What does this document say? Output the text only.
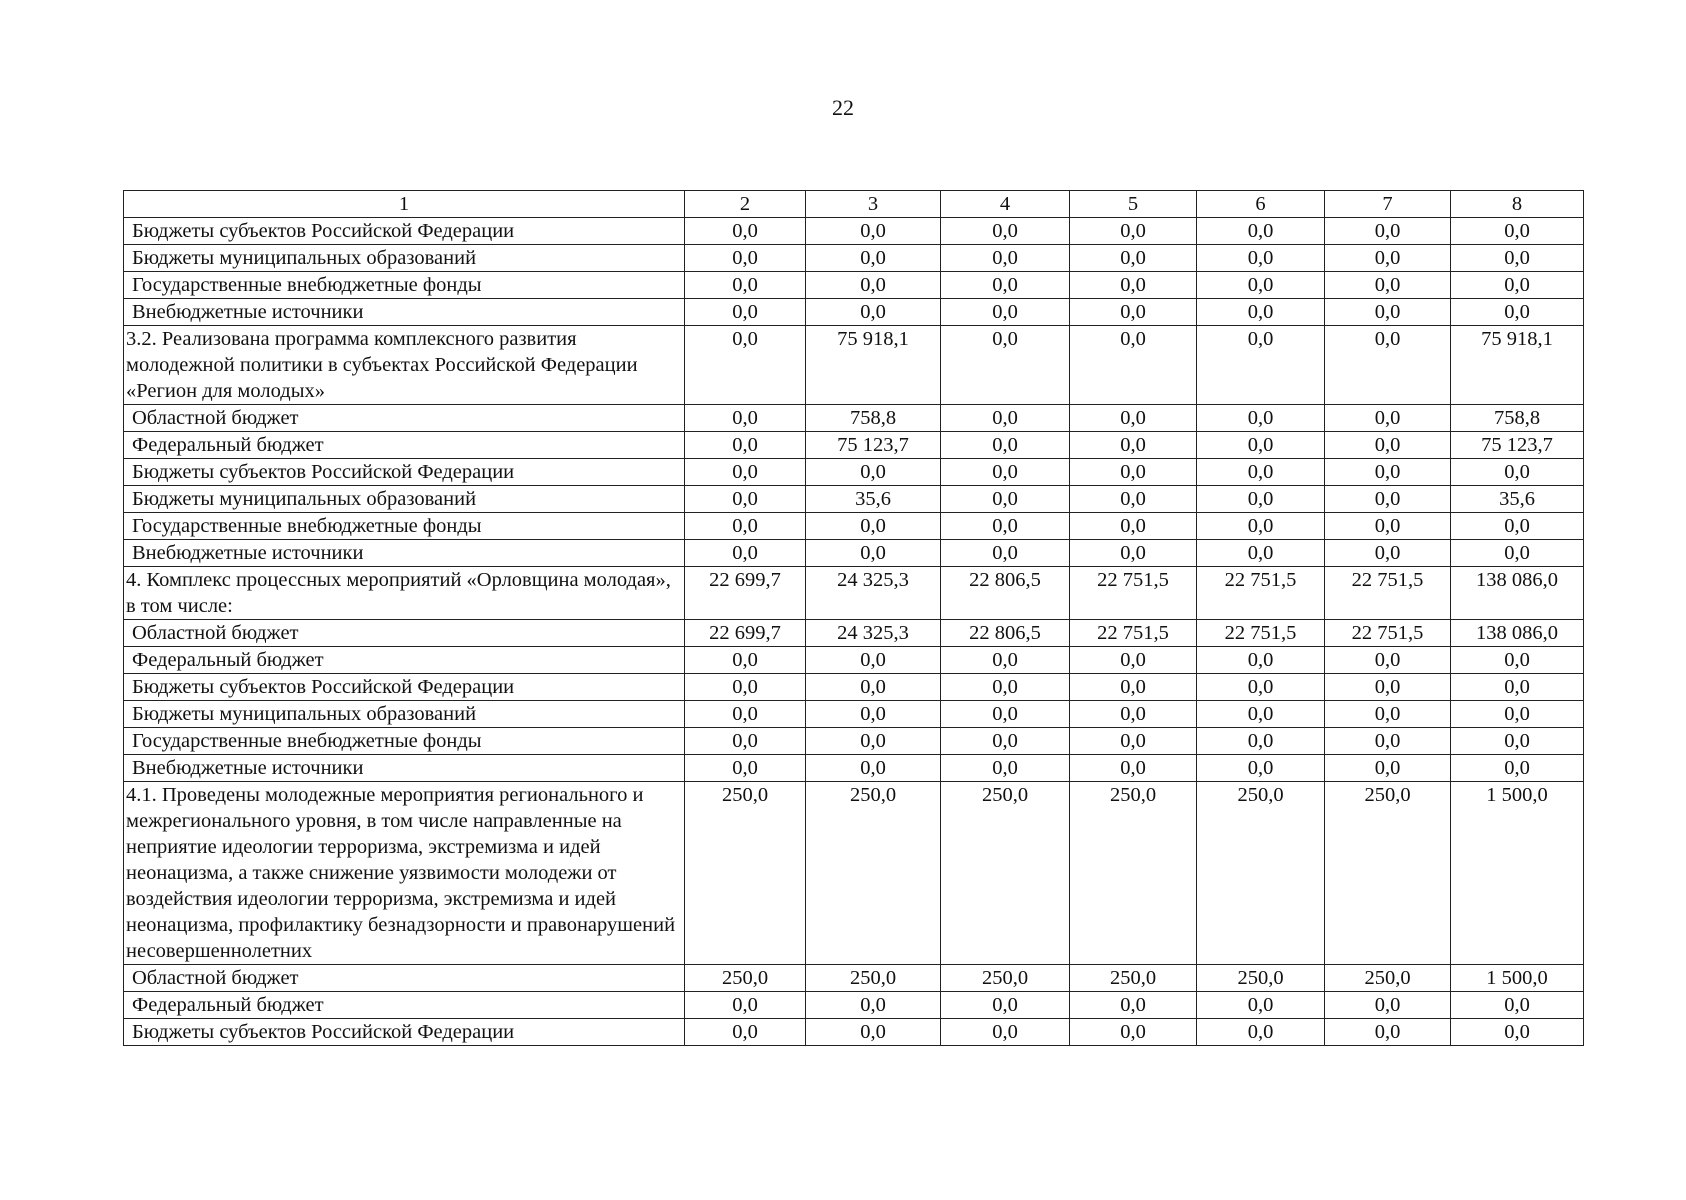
22
1	2	3	4	5	6	7	8
Бюджеты субъектов Российской Федерации	0,0	0,0	0,0	0,0	0,0	0,0	0,0
Бюджеты муниципальных образований	0,0	0,0	0,0	0,0	0,0	0,0	0,0
Государственные внебюджетные фонды	0,0	0,0	0,0	0,0	0,0	0,0	0,0
Внебюджетные источники	0,0	0,0	0,0	0,0	0,0	0,0	0,0
3.2. Реализована программа комплексного развития молодежной политики в субъектах Российской Федерации «Регион для молодых»	0,0	75 918,1	0,0	0,0	0,0	0,0	75 918,1
Областной бюджет	0,0	758,8	0,0	0,0	0,0	0,0	758,8
Федеральный бюджет	0,0	75 123,7	0,0	0,0	0,0	0,0	75 123,7
Бюджеты субъектов Российской Федерации	0,0	0,0	0,0	0,0	0,0	0,0	0,0
Бюджеты муниципальных образований	0,0	35,6	0,0	0,0	0,0	0,0	35,6
Государственные внебюджетные фонды	0,0	0,0	0,0	0,0	0,0	0,0	0,0
Внебюджетные источники	0,0	0,0	0,0	0,0	0,0	0,0	0,0
4. Комплекс процессных мероприятий «Орловщина молодая», в том числе:	22 699,7	24 325,3	22 806,5	22 751,5	22 751,5	22 751,5	138 086,0
Областной бюджет	22 699,7	24 325,3	22 806,5	22 751,5	22 751,5	22 751,5	138 086,0
Федеральный бюджет	0,0	0,0	0,0	0,0	0,0	0,0	0,0
Бюджеты субъектов Российской Федерации	0,0	0,0	0,0	0,0	0,0	0,0	0,0
Бюджеты муниципальных образований	0,0	0,0	0,0	0,0	0,0	0,0	0,0
Государственные внебюджетные фонды	0,0	0,0	0,0	0,0	0,0	0,0	0,0
Внебюджетные источники	0,0	0,0	0,0	0,0	0,0	0,0	0,0
4.1. Проведены молодежные мероприятия регионального и межрегионального уровня, в том числе направленные на неприятие идеологии терроризма, экстремизма и идей неонацизма, а также снижение уязвимости молодежи от воздействия идеологии терроризма, экстремизма и идей неонацизма, профилактику безнадзорности и правонарушений несовершеннолетних	250,0	250,0	250,0	250,0	250,0	250,0	1 500,0
Областной бюджет	250,0	250,0	250,0	250,0	250,0	250,0	1 500,0
Федеральный бюджет	0,0	0,0	0,0	0,0	0,0	0,0	0,0
Бюджеты субъектов Российской Федерации	0,0	0,0	0,0	0,0	0,0	0,0	0,0
